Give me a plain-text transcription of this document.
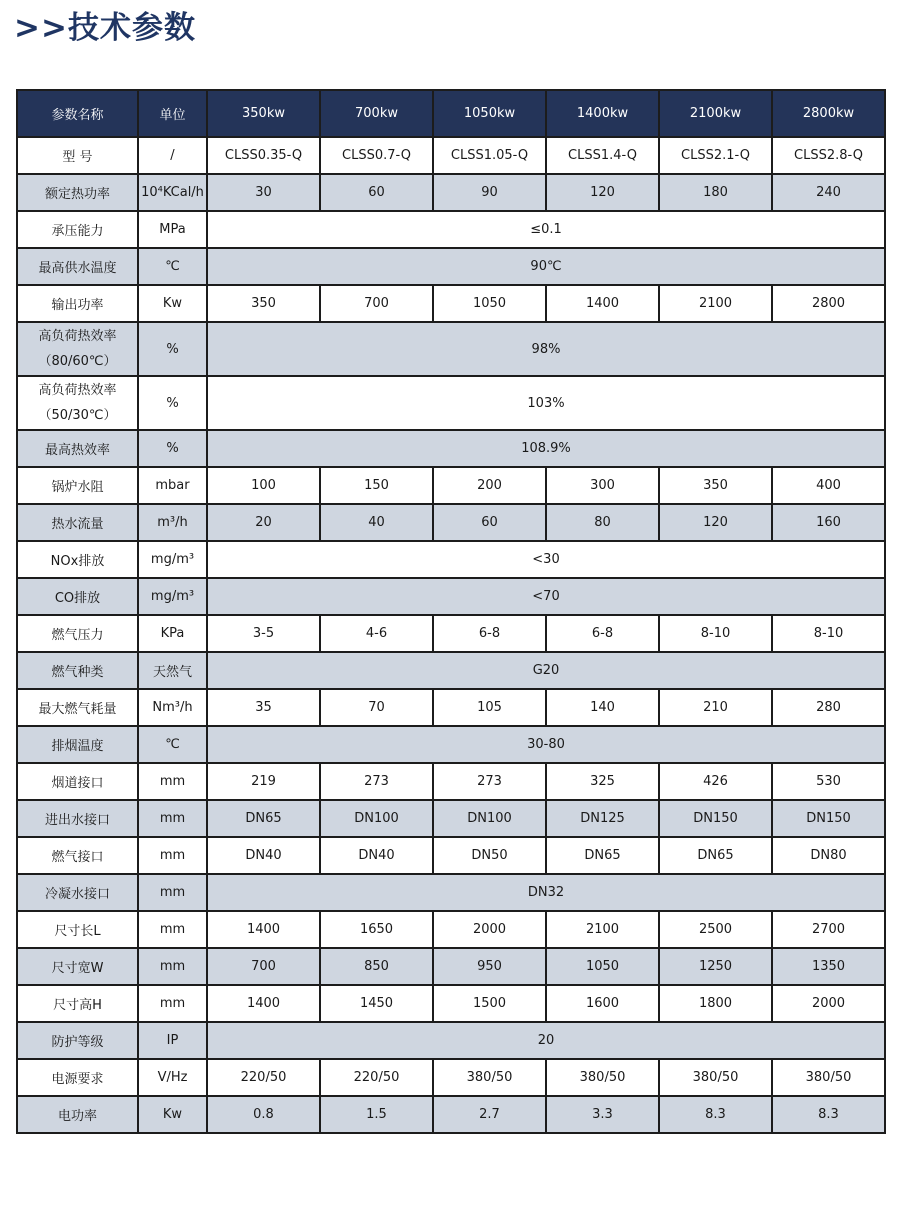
>>技术参数
参数名称	单位	350kw	700kw	1050kw	1400kw	2100kw	2800kw
型 号	/	CLSS0.35-Q	CLSS0.7-Q	CLSS1.05-Q	CLSS1.4-Q	CLSS2.1-Q	CLSS2.8-Q
额定热功率	10⁴KCal/h	30	60	90	120	180	240
承压能力	MPa	≤0.1					
最高供水温度	℃	90℃					
输出功率	Kw	350	700	1050	1400	2100	2800
高负荷热效率（80/60℃）	%	98%					
高负荷热效率（50/30℃）	%	103%					
最高热效率	%	108.9%					
锅炉水阻	mbar	100	150	200	300	350	400
热水流量	m³/h	20	40	60	80	120	160
NOx排放	mg/m³	<30					
CO排放	mg/m³	<70					
燃气压力	KPa	3-5	4-6	6-8	6-8	8-10	8-10
燃气种类	天然气	G20					
最大燃气耗量	Nm³/h	35	70	105	140	210	280
排烟温度	℃	30-80					
烟道接口	mm	219	273	273	325	426	530
进出水接口	mm	DN65	DN100	DN100	DN125	DN150	DN150
燃气接口	mm	DN40	DN40	DN50	DN65	DN65	DN80
冷凝水接口	mm	DN32					
尺寸长L	mm	1400	1650	2000	2100	2500	2700
尺寸宽W	mm	700	850	950	1050	1250	1350
尺寸高H	mm	1400	1450	1500	1600	1800	2000
防护等级	IP	20					
电源要求	V/Hz	220/50	220/50	380/50	380/50	380/50	380/50
电功率	Kw	0.8	1.5	2.7	3.3	8.3	8.3
